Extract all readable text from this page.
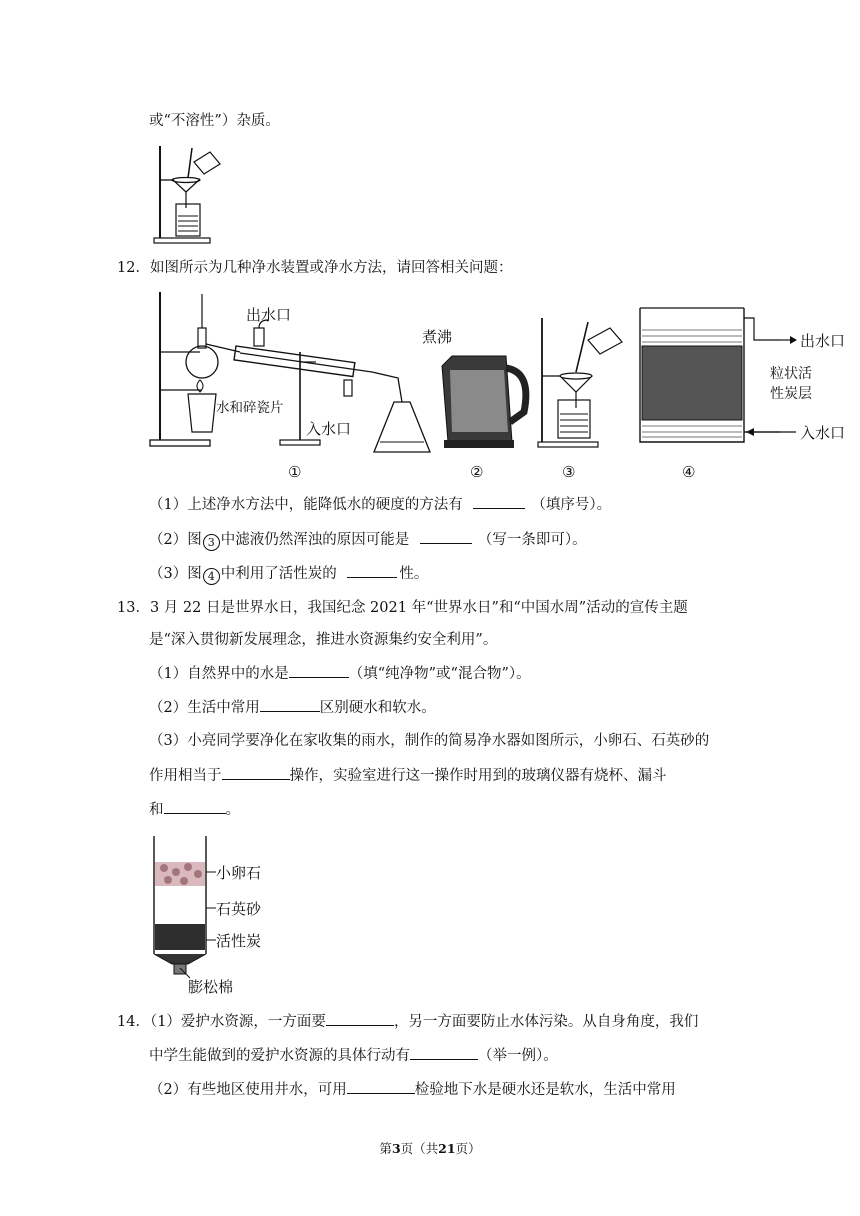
或“不溶性”）杂质。
12．如图所示为几种净水装置或净水方法，请回答相关问题：
出水口
水和碎瓷片
入水口
①
煮沸
②	③
出水口
粒状活
性炭层
入水口
④
（1）上述净水方法中，能降低水的硬度的方法有	（填序号）。
（2）图 3 中滤液仍然浑浊的原因可能是	（写一条即可）。
（3）图 4 中利用了活性炭的	性。
13．3 月 22 日是世界水日，我国纪念 2021 年“世界水日”和“中国水周”活动的宣传主题
是“深入贯彻新发展理念，推进水资源集约安全利用”。
（1）自然界中的水是	（填“纯净物”或“混合物”）。
（2）生活中常用	区别硬水和软水。
（3）小亮同学要净化在家收集的雨水，制作的简易净水器如图所示，小卵石、石英砂的
作用相当于	操作，实验室进行这一操作时用到的玻璃仪器有烧杯、漏斗
和	。
小卵石
石英砂
活性炭
膨松棉
14．（1）爱护水资源，一方面要	，另一方面要防止水体污染。从自身角度，我们
中学生能做到的爱护水资源的具体行动有	（举一例）。
（2）有些地区使用井水，可用	检验地下水是硬水还是软水，生活中常用
第3页（共21页）
